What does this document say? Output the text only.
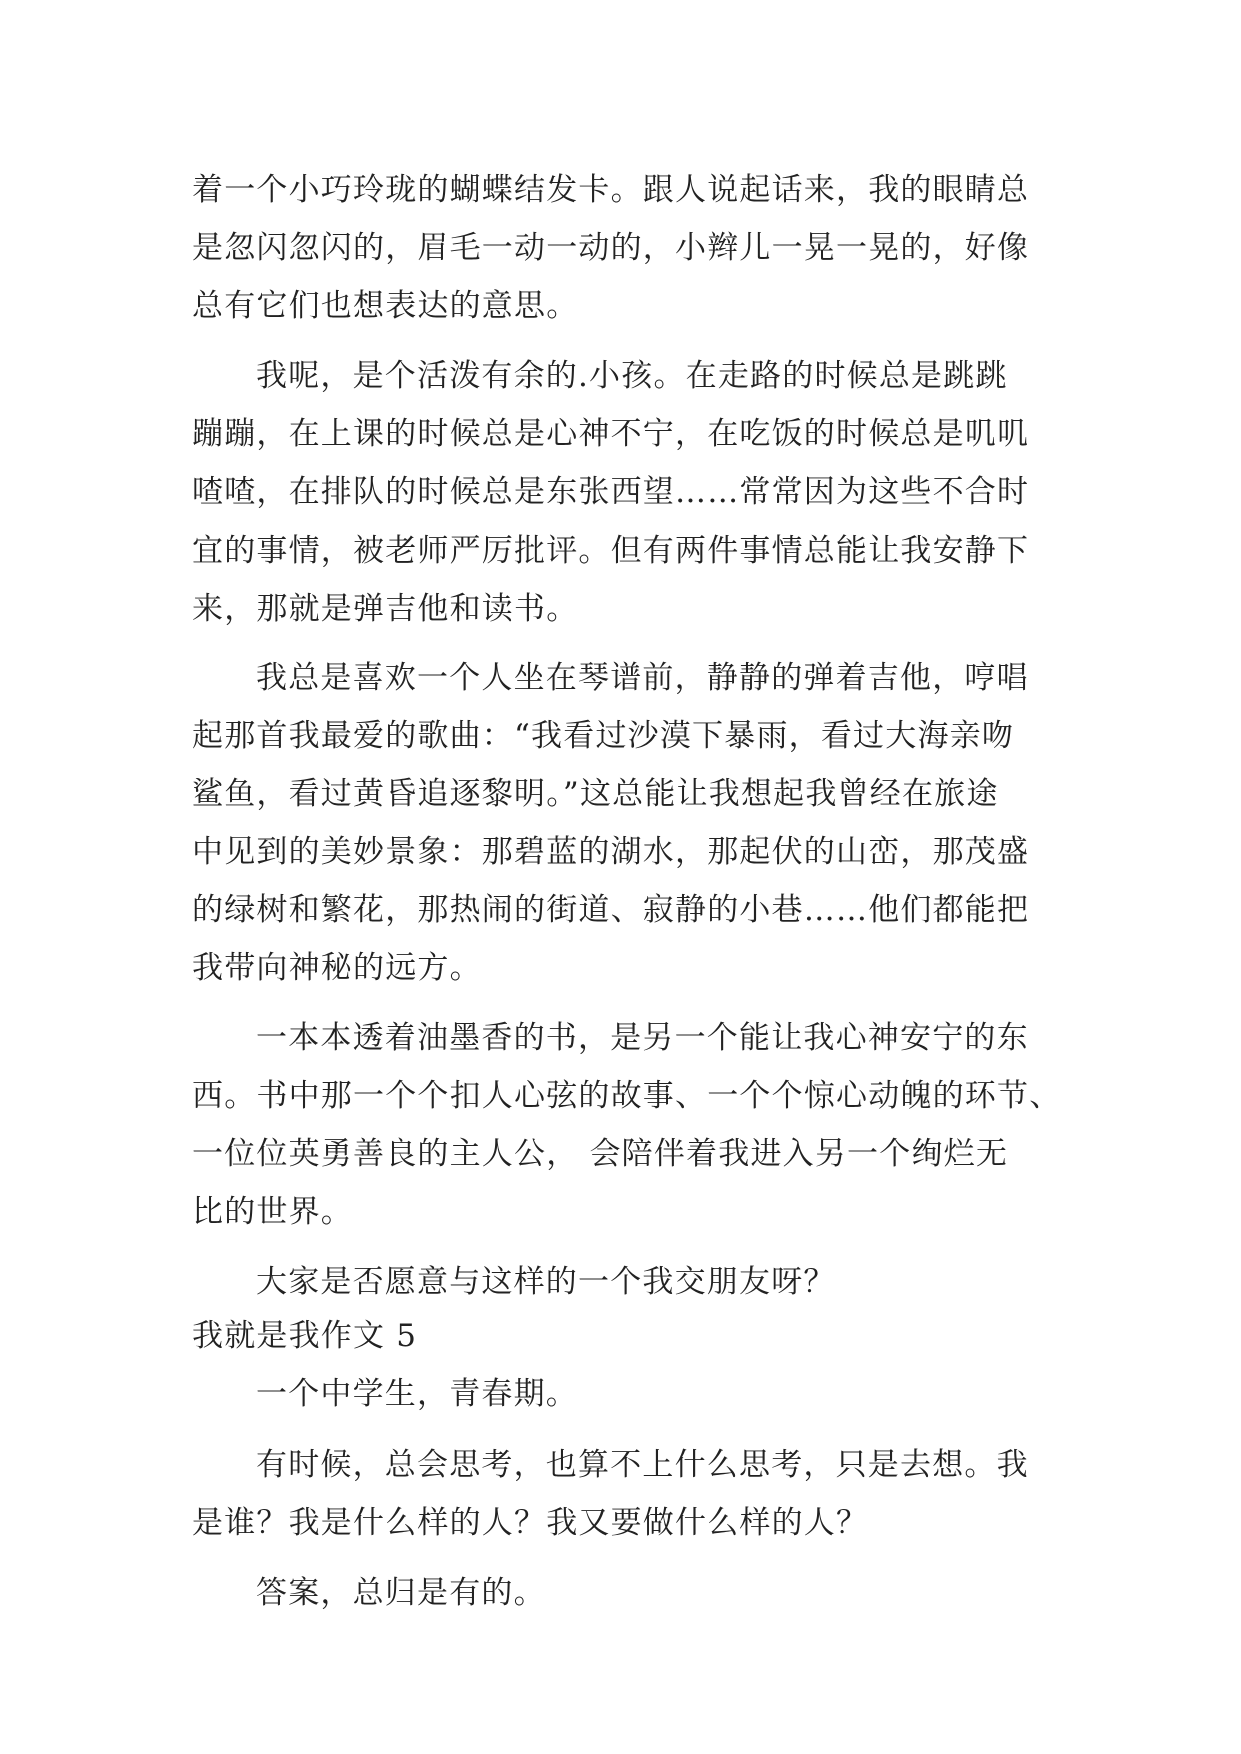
着一个小巧玲珑的蝴蝶结发卡。跟人说起话来，我的眼睛总
是忽闪忽闪的，眉毛一动一动的，小辫儿一晃一晃的，好像
总有它们也想表达的意思。
我呢，是个活泼有余的.小孩。在走路的时候总是跳跳
蹦蹦，在上课的时候总是心神不宁，在吃饭的时候总是叽叽
喳喳，在排队的时候总是东张西望……常常因为这些不合时
宜的事情，被老师严厉批评。但有两件事情总能让我安静下
来，那就是弹吉他和读书。
我总是喜欢一个人坐在琴谱前，静静的弹着吉他，哼唱
起那首我最爱的歌曲：“我看过沙漠下暴雨，看过大海亲吻
鲨鱼，看过黄昏追逐黎明。”这总能让我想起我曾经在旅途
中见到的美妙景象：那碧蓝的湖水，那起伏的山峦，那茂盛
的绿树和繁花，那热闹的街道、寂静的小巷……他们都能把
我带向神秘的远方。
一本本透着油墨香的书，是另一个能让我心神安宁的东
西。书中那一个个扣人心弦的故事、一个个惊心动魄的环节、
一位位英勇善良的主人公， 会陪伴着我进入另一个绚烂无
比的世界。
大家是否愿意与这样的一个我交朋友呀？
我就是我作文 5
一个中学生，青春期。
有时候，总会思考，也算不上什么思考，只是去想。我
是谁？我是什么样的人？我又要做什么样的人？
答案，总归是有的。
